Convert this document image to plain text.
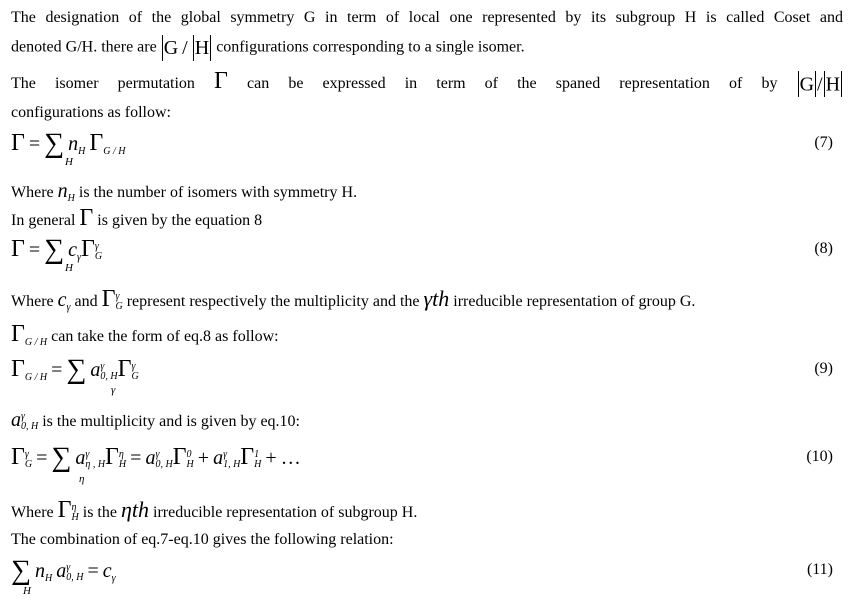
The designation of the global symmetry G in term of local one represented by its subgroup H is called Coset and
denoted G/H. there are G / H configurations corresponding to a single isomer.
The isomer permutation Γ can be expressed in term of the spaned representation of by G / H
configurations as follow:
Γ = ∑
H
$n_H$ $\Gamma_{G / H}$
(7)
Where $n_H$ is the number of isomers with symmetry H.
In general Γ is given by the equation 8
Γ = ∑
H
$c_\gamma\Gamma$ γ
G	(8)
Where $c_\gamma$ and Γ γ
G represent respectively the multiplicity and the γth irreducible representation of group G.
$\Gamma_{G / H}$ can take the form of eq.8 as follow:
$\Gamma_{G / H}$ = ∑
γ
a γ
0, H Γ γ
G	(9)
a γ
0, H is the multiplicity and is given by eq.10:
Γ γ
G = ∑
η
a γ
η , H Γ η
H = a γ
0, H Γ 0
H + a γ
1, H Γ 1
H + …	(10)
Where Γ η
H is the ηth irreducible representation of subgroup H.
The combination of eq.7-eq.10 gives the following relation:
∑
H
$n_H$ a γ
0, $H = c_\gamma$
(11)
